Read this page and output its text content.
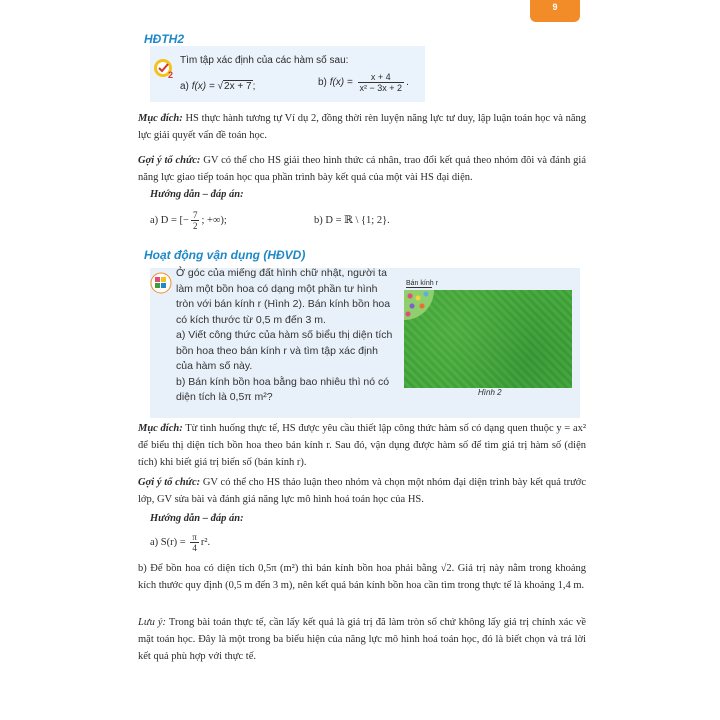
9
HĐTH2
2
Tìm tập xác định của các hàm số sau:
a) f(x) = √2x + 7;	b) $f(x) = \frac{x + 4}{\text{x² − 3x + 2}}$ .
Mục đích: HS thực hành tương tự Ví dụ 2, đồng thời rèn luyện năng lực tư duy, lập luận toán học và năng lực giải quyết vấn đề toán học.
Gợi ý tổ chức: GV có thể cho HS giải theo hình thức cá nhân, trao đổi kết quả theo nhóm đôi và đánh giá năng lực giao tiếp toán học qua phần trình bày kết quả của một vài HS đại diện.
Hướng dẫn – đáp án:
a) D = [− $\frac{7}{2}$ ; +∞);	b) D = ℝ \ {1; 2}.
Hoạt động vận dụng (HĐVD)
Ở góc của miếng đất hình chữ nhật, người ta làm một bồn hoa có dạng một phần tư hình tròn với bán kính r (Hình 2). Bán kính bồn hoa có kích thước từ 0,5 m đến 3 m.
a) Viết công thức của hàm số biểu thị diện tích bồn hoa theo bán kính r và tìm tập xác định của hàm số này.
b) Bán kính bồn hoa bằng bao nhiêu thì nó có diện tích là 0,5π m²?
Bán kính r
Hình 2
Mục đích: Từ tình huống thực tế, HS được yêu cầu thiết lập công thức hàm số có dạng quen thuộc y = ax² để biểu thị diện tích bồn hoa theo bán kính r. Sau đó, vận dụng được hàm số để tìm giá trị hàm số (diện tích) khi biết giá trị biến số (bán kính r).
Gợi ý tổ chức: GV có thể cho HS thảo luận theo nhóm và chọn một nhóm đại diện trình bày kết quả trước lớp, GV sửa bài và đánh giá năng lực mô hình hoá toán học của HS.
Hướng dẫn – đáp án:
a) $S(r) = \frac{\pi}{4} r^2$.
b) Để bồn hoa có diện tích 0,5π (m²) thì bán kính bồn hoa phải bằng √2. Giá trị này nằm trong khoảng kích thước quy định (0,5 m đến 3 m), nên kết quả bán kính bồn hoa cần tìm trong thực tế là khoảng 1,4 m.
Lưu ý: Trong bài toán thực tế, cần lấy kết quả là giá trị đã làm tròn số chứ không lấy giá trị chính xác về mặt toán học. Đây là một trong ba biểu hiện của năng lực mô hình hoá toán học, đó là biết chọn và trả lời kết quả phù hợp với thực tế.
